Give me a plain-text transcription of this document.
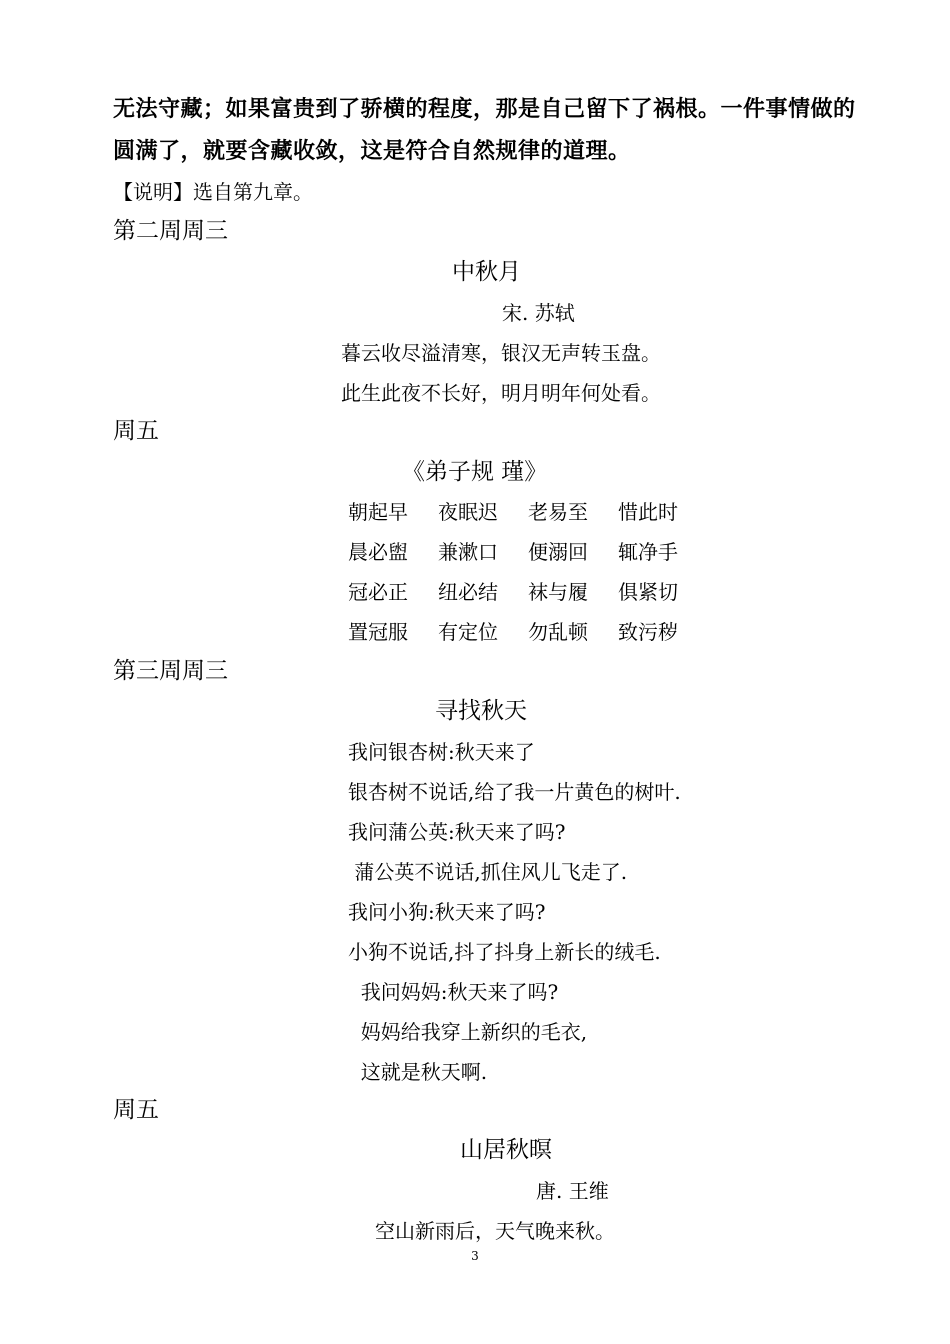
无法守藏；如果富贵到了骄横的程度，那是自己留下了祸根。一件事情做的
圆满了，就要含藏收敛，这是符合自然规律的道理。
【说明】选自第九章。
第二周周三
中秋月
宋. 苏轼
暮云收尽溢清寒，银汉无声转玉盘。
此生此夜不长好，明月明年何处看。
周五
《弟子规 瑾》
朝起早 夜眠迟 老易至 惜此时
晨必盥 兼漱口 便溺回 辄净手
冠必正 纽必结 袜与履 俱紧切
置冠服 有定位 勿乱顿 致污秽
第三周周三
寻找秋天
我问银杏树:秋天来了
银杏树不说话,给了我一片黄色的树叶.
我问蒲公英:秋天来了吗?
蒲公英不说话,抓住风儿飞走了.
我问小狗:秋天来了吗?
小狗不说话,抖了抖身上新长的绒毛.
我问妈妈:秋天来了吗?
妈妈给我穿上新织的毛衣,
这就是秋天啊.
周五
山居秋暝
唐. 王维
空山新雨后，天气晚来秋。
3
